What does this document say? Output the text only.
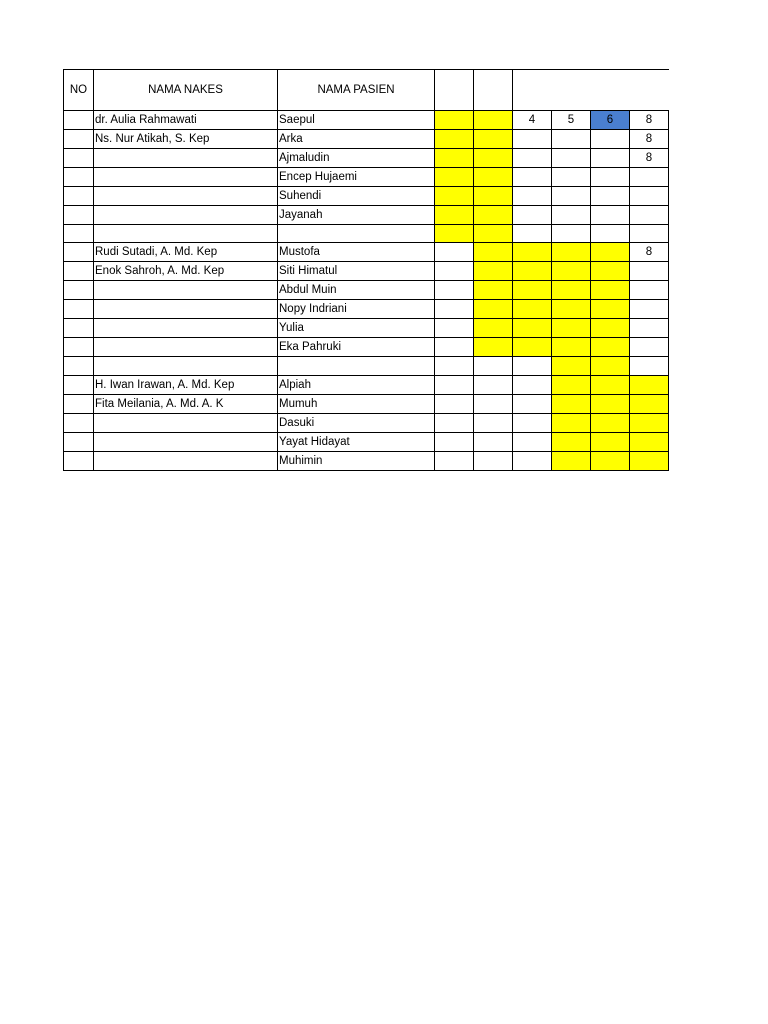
NO	NAMA NAKES	NAMA PASIEN						
	dr. Aulia Rahmawati	Saepul			4	5	6	8
	Ns. Nur Atikah, S. Kep	Arka						8
		Ajmaludin						8
		Encep Hujaemi						
		Suhendi						
		Jayanah						

	Rudi Sutadi, A. Md. Kep	Mustofa						8
	Enok Sahroh, A. Md. Kep	Siti Himatul						
		Abdul Muin						
		Nopy Indriani						
		Yulia						
		Eka Pahruki						

	H. Iwan Irawan, A. Md. Kep	Alpiah						
	Fita Meilania, A. Md. A. K	Mumuh						
		Dasuki						
		Yayat Hidayat						
		Muhimin						
